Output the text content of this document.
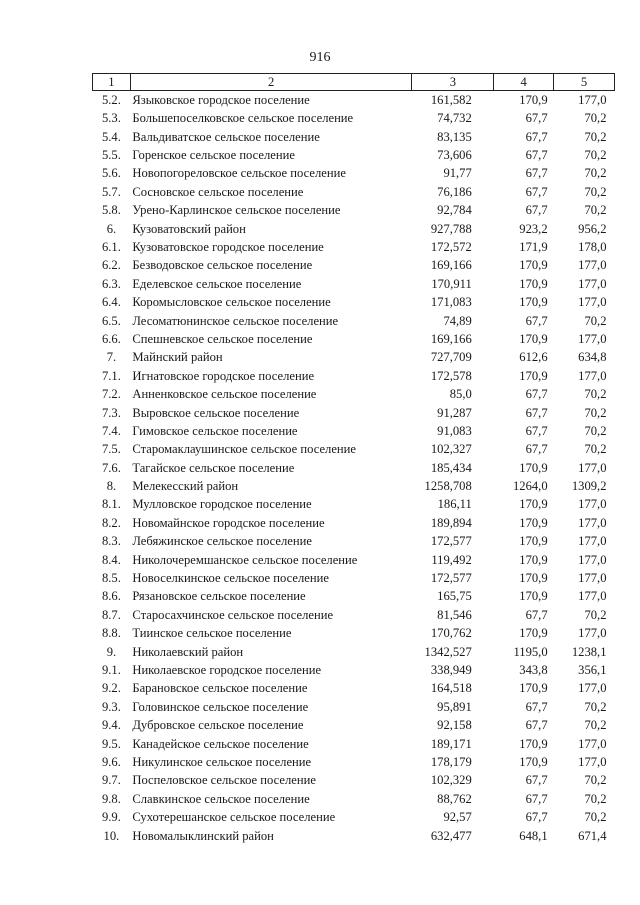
916
1	2	3	4	5
5.2.	Языковское городское поселение	161,582	170,9	177,0
5.3.	Большепоселковское сельское поселение	74,732	67,7	70,2
5.4.	Вальдиватское сельское поселение	83,135	67,7	70,2
5.5.	Горенское сельское поселение	73,606	67,7	70,2
5.6.	Новопогореловское сельское поселение	91,77	67,7	70,2
5.7.	Сосновское сельское поселение	76,186	67,7	70,2
5.8.	Урено-Карлинское сельское поселение	92,784	67,7	70,2
6.	Кузоватовский район	927,788	923,2	956,2
6.1.	Кузоватовское городское поселение	172,572	171,9	178,0
6.2.	Безводовское сельское поселение	169,166	170,9	177,0
6.3.	Еделевское сельское поселение	170,911	170,9	177,0
6.4.	Коромысловское сельское поселение	171,083	170,9	177,0
6.5.	Лесоматюнинское сельское поселение	74,89	67,7	70,2
6.6.	Спешневское сельское поселение	169,166	170,9	177,0
7.	Майнский район	727,709	612,6	634,8
7.1.	Игнатовское городское поселение	172,578	170,9	177,0
7.2.	Анненковское сельское поселение	85,0	67,7	70,2
7.3.	Выровское сельское поселение	91,287	67,7	70,2
7.4.	Гимовское сельское поселение	91,083	67,7	70,2
7.5.	Старомаклаушинское сельское поселение	102,327	67,7	70,2
7.6.	Тагайское сельское поселение	185,434	170,9	177,0
8.	Мелекесский район	1258,708	1264,0	1309,2
8.1.	Мулловское городское поселение	186,11	170,9	177,0
8.2.	Новомайнское городское поселение	189,894	170,9	177,0
8.3.	Лебяжинское сельское поселение	172,577	170,9	177,0
8.4.	Николочеремшанское сельское поселение	119,492	170,9	177,0
8.5.	Новоселкинское сельское поселение	172,577	170,9	177,0
8.6.	Рязановское сельское поселение	165,75	170,9	177,0
8.7.	Старосахчинское сельское поселение	81,546	67,7	70,2
8.8.	Тиинское сельское поселение	170,762	170,9	177,0
9.	Николаевский район	1342,527	1195,0	1238,1
9.1.	Николаевское городское поселение	338,949	343,8	356,1
9.2.	Барановское сельское поселение	164,518	170,9	177,0
9.3.	Головинское сельское поселение	95,891	67,7	70,2
9.4.	Дубровское сельское поселение	92,158	67,7	70,2
9.5.	Канадейское сельское поселение	189,171	170,9	177,0
9.6.	Никулинское сельское поселение	178,179	170,9	177,0
9.7.	Поспеловское сельское поселение	102,329	67,7	70,2
9.8.	Славкинское сельское поселение	88,762	67,7	70,2
9.9.	Сухотерешанское сельское поселение	92,57	67,7	70,2
10.	Новомалыклинский район	632,477	648,1	671,4
